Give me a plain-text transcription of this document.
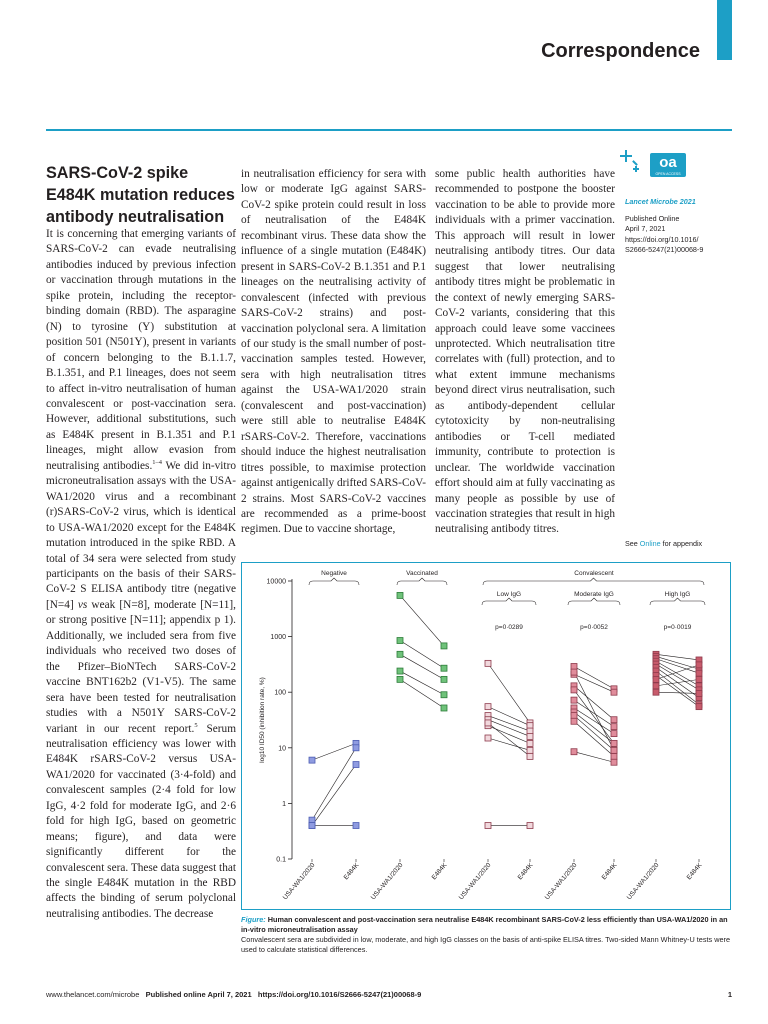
Correspondence
SARS-CoV-2 spike E484K mutation reduces antibody neutralisation
It is concerning that emerging variants of SARS-CoV-2 can evade neutralising antibodies induced by previous infection or vaccination through mutations in the spike protein, including the receptor-binding domain (RBD). The asparagine (N) to tyrosine (Y) substitution at position 501 (N501Y), present in variants of concern belonging to the B.1.1.7, B.1.351, and P.1 lineages, does not seem to affect in-vitro neutralisation of human convalescent or post-vaccination sera. However, additional substitutions, such as E484K present in B.1.351 and P.1 lineages, might allow evasion from neutralising antibodies.$^{1-4}$ We did in-vitro microneutralisation assays with the USA-WA1/2020 virus and a recombinant (r)SARS-CoV-2 virus, which is identical to USA-WA1/2020 except for the E484K mutation introduced in the spike RBD. A total of 34 sera were selected from study participants on the basis of their SARS-CoV-2 S ELISA antibody titre (negative [N=4] vs weak [N=8], moderate [N=11], or strong positive [N=11]; appendix p 1). Additionally, we included sera from five individuals who received two doses of the Pfizer–BioNTech SARS-CoV-2 vaccine BNT162b2 (V1-V5). The same sera have been tested for neutralisation studies with a N501Y SARS-CoV-2 variant in our recent report.$^5$ Serum neutralisation efficiency was lower with E484K rSARS-CoV-2 versus USA-WA1/2020 for vaccinated (3·4-fold) and convalescent samples (2·4 fold for low IgG, 4·2 fold for moderate IgG, and 2·6 fold for high IgG, based on geometric means; figure), and data were significantly different for the convalescent sera. These data suggest that the single E484K mutation in the RBD affects the binding of serum polyclonal neutralising antibodies. The decrease
in neutralisation efficiency for sera with low or moderate IgG against SARS-CoV-2 spike protein could result in loss of neutralisation of the E484K recombinant virus. These data show the influence of a single mutation (E484K) present in SARS-CoV-2 B.1.351 and P.1 lineages on the neutralising activity of convalescent (infected with previous SARS-CoV-2 strains) and post-vaccination polyclonal sera. A limitation of our study is the small number of post-vaccination samples tested. However, sera with high neutralisation titres against the USA-WA1/2020 strain (convalescent and post-vaccination) were still able to neutralise E484K rSARS-CoV-2. Therefore, vaccinations should induce the highest neutralisation titres possible, to maximise protection against antigenically drifted SARS-CoV-2 strains. Most SARS-CoV-2 vaccines are recommended as a prime-boost regimen. Due to vaccine shortage,
some public health authorities have recommended to postpone the booster vaccination to be able to provide more individuals with a primer vaccination. This approach will result in lower neutralising antibody titres. Our data suggest that lower neutralising antibody titres might be problematic in the context of newly emerging SARS-CoV-2 variants, considering that this approach could leave some vaccinees unprotected. Which neutralisation titre correlates with (full) protection, and to what extent immune mechanisms beyond direct virus neutralisation, such as antibody-dependent cellular cytotoxicity by non-neutralising antibodies or T-cell mediated immunity, contribute to protection is unclear. The worldwide vaccination effort should aim at fully vaccinating as many people as possible by use of vaccination strategies that result in high neutralising antibody titres.
oa
OPEN ACCESS
Lancet Microbe 2021
Published Online
April 7, 2021
https://doi.org/10.1016/
S2666-5247(21)00068-9
See Online for appendix
10000
1000
100
10
1
0.1
log10 ID50 (inhibition rate, %)
USA-WA1/2020	E484K USA-WA1/2020	E484K USA-WA1/2020	E484K USA-WA1/2020	E484K USA-WA1/2020	E484K
Negative	Vaccinated	Convalescent
Low IgG
p=0·0289
Moderate IgG
p=0·0052
High IgG
p=0·0019
Figure: Human convalescent and post-vaccination sera neutralise E484K recombinant SARS-CoV-2 less efficiently than USA-WA1/2020 in an in-vitro microneutralisation assay
Convalescent sera are subdivided in low, moderate, and high IgG classes on the basis of anti-spike ELISA titres. Two-sided Mann Whitney-U tests were used to calculate statistical differences.
www.thelancet.com/microbe Published online April 7, 2021 https://doi.org/10.1016/S2666-5247(21)00068-9	1
